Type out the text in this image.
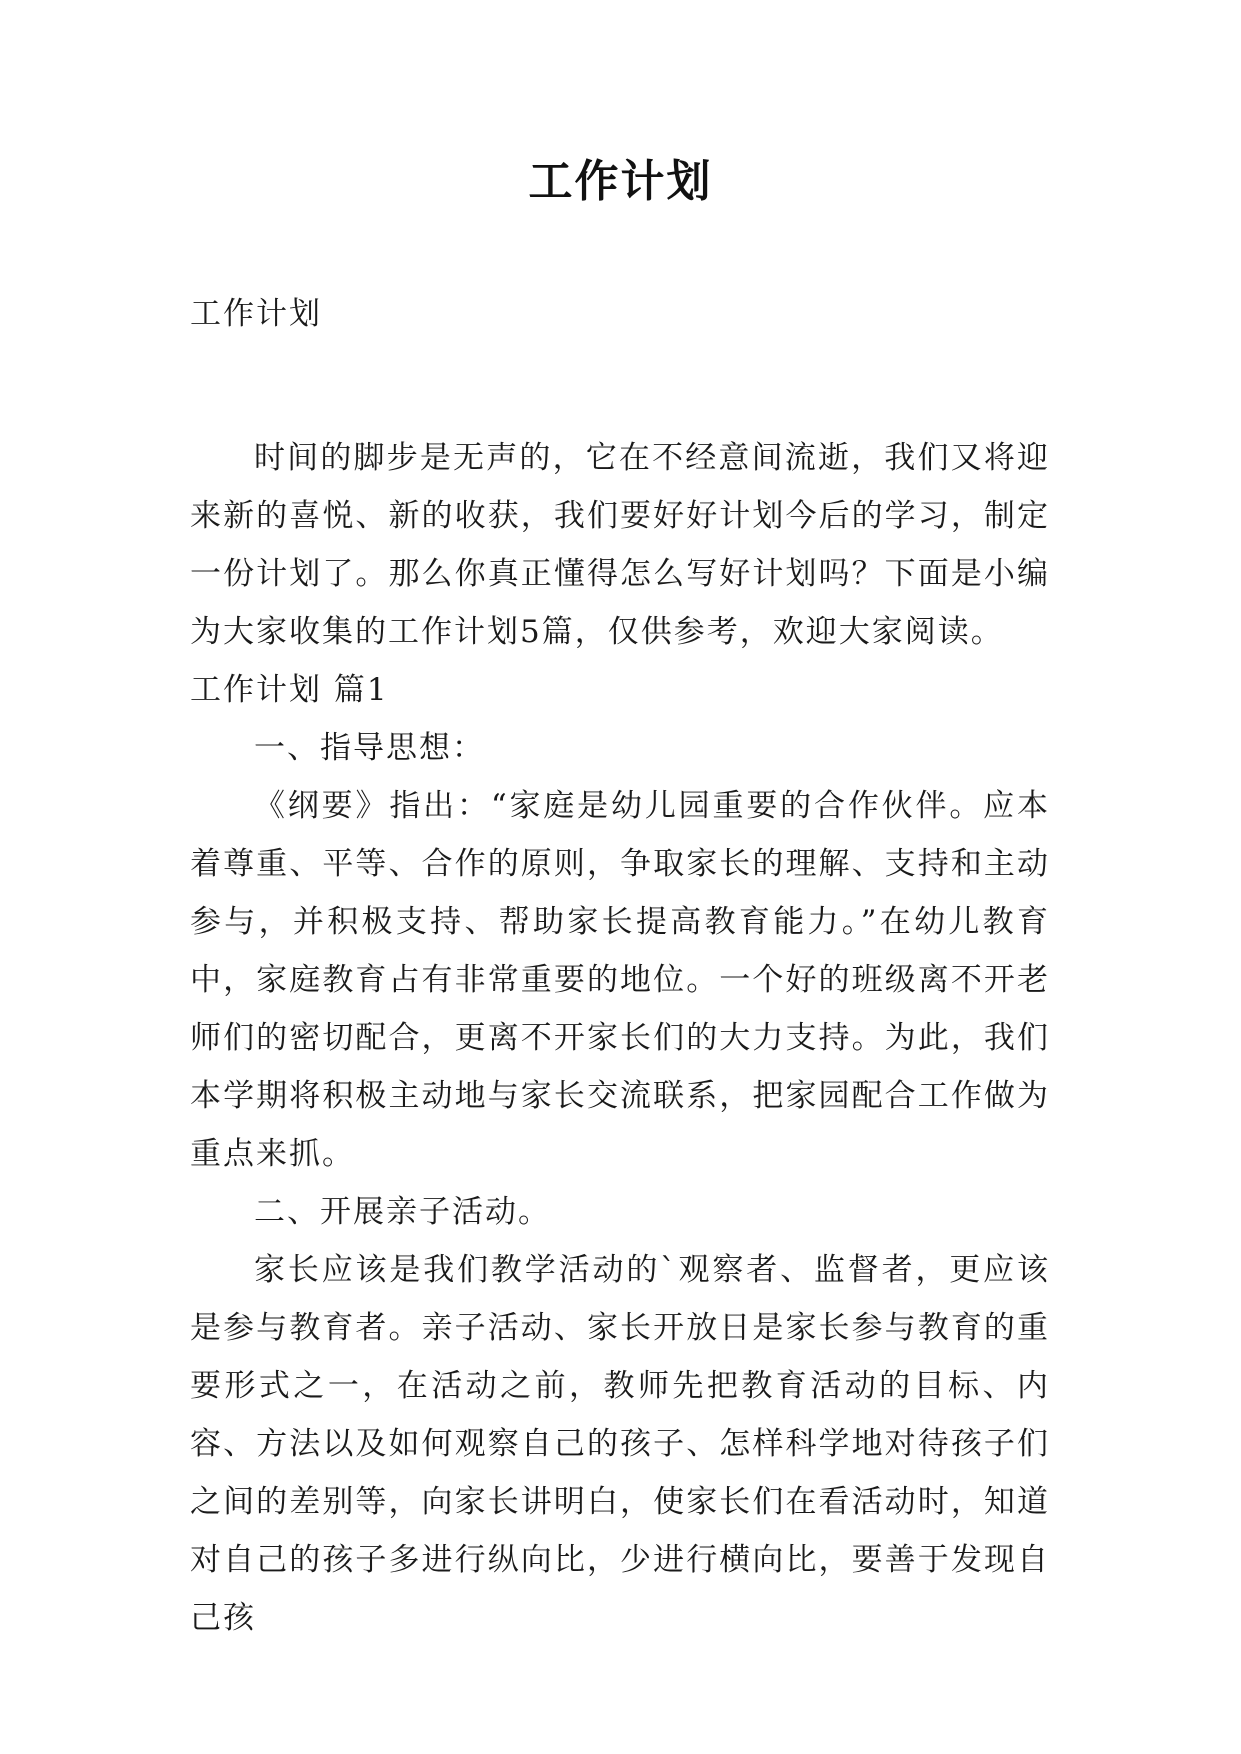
工作计划

工作计划

时间的脚步是无声的，它在不经意间流逝，我们又将迎来新的喜悦、新的收获，我们要好好计划今后的学习，制定一份计划了。那么你真正懂得怎么写好计划吗？下面是小编为大家收集的工作计划5篇，仅供参考，欢迎大家阅读。

工作计划 篇1

一、指导思想：

《纲要》指出：“家庭是幼儿园重要的合作伙伴。应本着尊重、平等、合作的原则，争取家长的理解、支持和主动参与，并积极支持、帮助家长提高教育能力。”在幼儿教育中，家庭教育占有非常重要的地位。一个好的班级离不开老师们的密切配合，更离不开家长们的大力支持。为此，我们本学期将积极主动地与家长交流联系，把家园配合工作做为重点来抓。

二、开展亲子活动。

家长应该是我们教学活动的`观察者、监督者，更应该是参与教育者。亲子活动、家长开放日是家长参与教育的重要形式之一，在活动之前，教师先把教育活动的目标、内容、方法以及如何观察自己的孩子、怎样科学地对待孩子们之间的差别等，向家长讲明白，使家长们在看活动时，知道对自己的孩子多进行纵向比，少进行横向比，要善于发现自己孩
